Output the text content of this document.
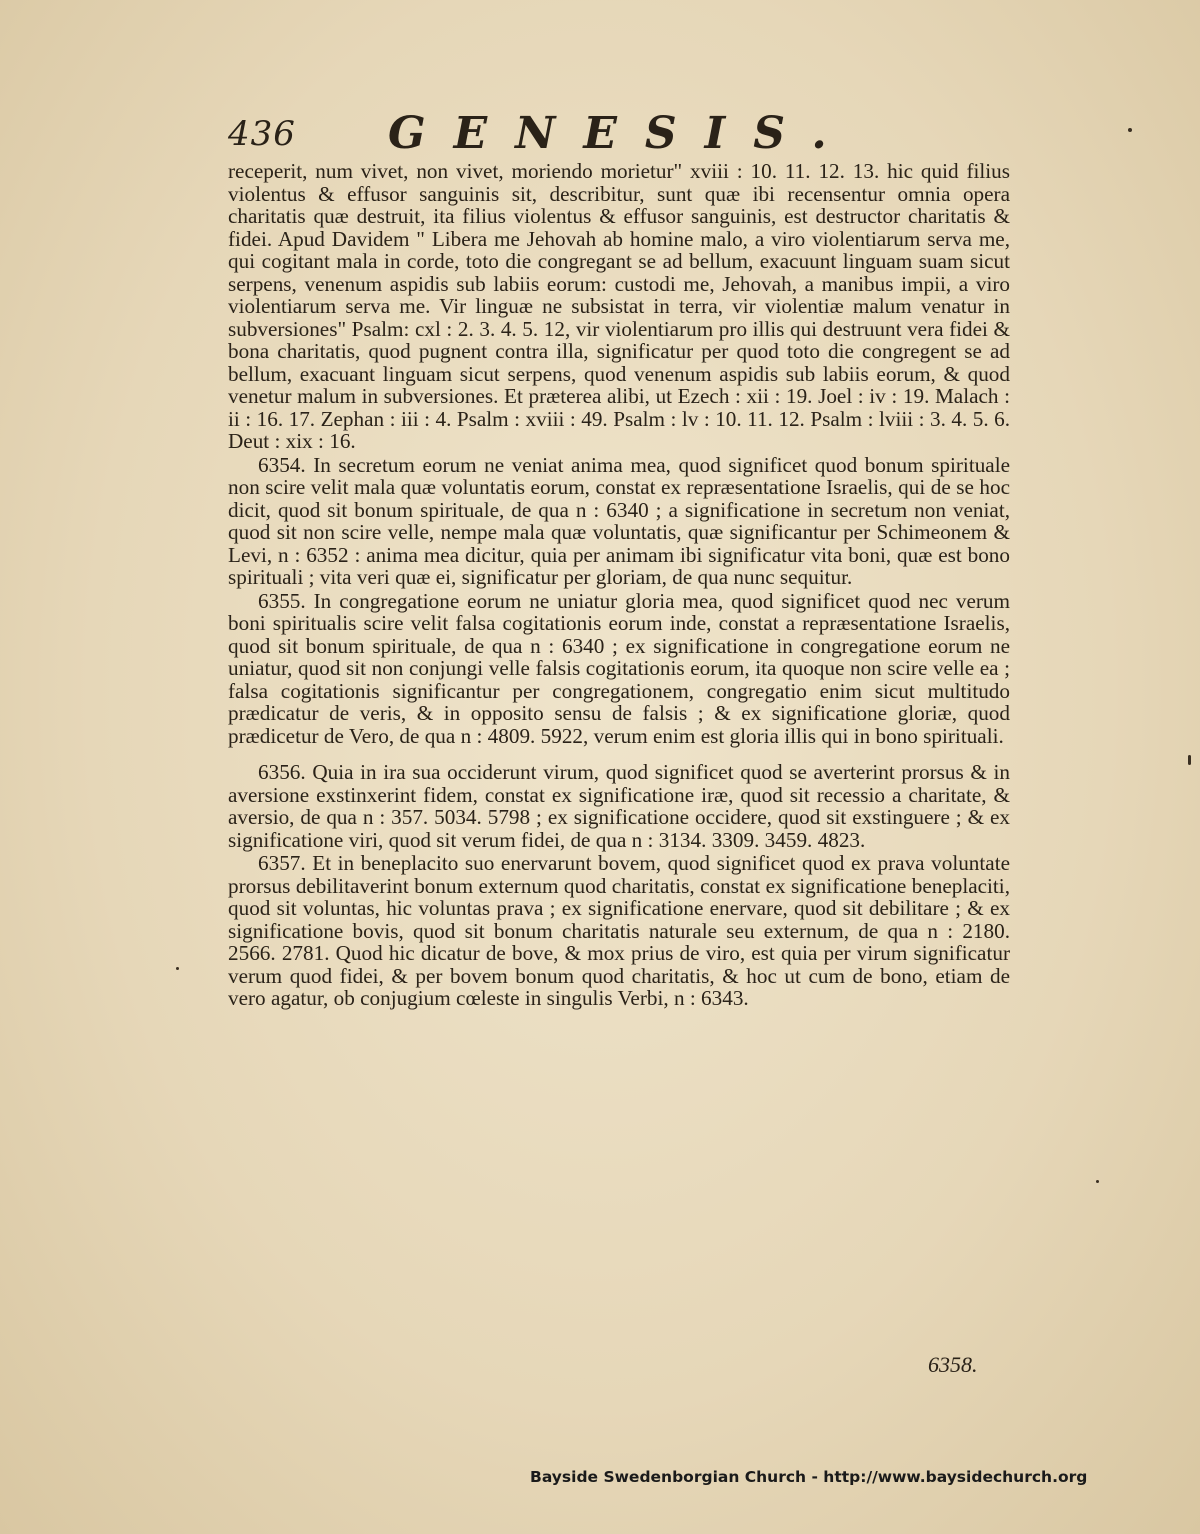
436 GENESIS.

receperit, num vivet, non vivet, moriendo morietur" xviii : 10. 11. 12. 13. hic quid filius violentus & effusor sanguinis sit, describitur, sunt quæ ibi recensentur omnia opera charitatis quæ destruit, ita filius violentus & effusor sanguinis, est destructor charitatis & fidei. Apud Davidem " Libera me Jehovah ab homine malo, a viro violentiarum serva me, qui cogitant mala in corde, toto die congregant se ad bellum, exacuunt linguam suam sicut serpens, venenum aspidis sub labiis eorum: custodi me, Jehovah, a manibus impii, a viro violentiarum serva me. Vir linguæ ne subsistat in terra, vir violentiæ malum venatur in subversiones" Psalm: cxl : 2. 3. 4. 5. 12, vir violentiarum pro illis qui destruunt vera fidei & bona charitatis, quod pugnent contra illa, significatur per quod toto die congregent se ad bellum, exacuant linguam sicut serpens, quod venenum aspidis sub labiis eorum, & quod venetur malum in subversiones. Et præterea alibi, ut Ezech : xii : 19. Joel : iv : 19. Malach : ii : 16. 17. Zephan : iii : 4. Psalm : xviii : 49. Psalm : lv : 10. 11. 12. Psalm : lviii : 3. 4. 5. 6. Deut : xix : 16.

6354. In secretum eorum ne veniat anima mea, quod significet quod bonum spirituale non scire velit mala quæ voluntatis eorum, constat ex repræsentatione Israelis, qui de se hoc dicit, quod sit bonum spirituale, de qua n : 6340 ; a significatione in secretum non veniat, quod sit non scire velle, nempe mala quæ voluntatis, quæ significantur per Schimeonem & Levi, n : 6352 : anima mea dicitur, quia per animam ibi significatur vita boni, quæ est bono spirituali ; vita veri quæ ei, significatur per gloriam, de qua nunc sequitur.

6355. In congregatione eorum ne uniatur gloria mea, quod significet quod nec verum boni spiritualis scire velit falsa cogitationis eorum inde, constat a repræsentatione Israelis, quod sit bonum spirituale, de qua n : 6340 ; ex significatione in congregatione eorum ne uniatur, quod sit non conjungi velle falsis cogitationis eorum, ita quoque non scire velle ea ; falsa cogitationis significantur per congregationem, congregatio enim sicut multitudo prædicatur de veris, & in opposito sensu de falsis ; & ex significatione gloriæ, quod prædicetur de Vero, de qua n : 4809. 5922, verum enim est gloria illis qui in bono spirituali.

6356. Quia in ira sua occiderunt virum, quod significet quod se averterint prorsus & in aversione exstinxerint fidem, constat ex significatione iræ, quod sit recessio a charitate, & aversio, de qua n : 357. 5034. 5798 ; ex significatione occidere, quod sit exstinguere ; & ex significatione viri, quod sit verum fidei, de qua n : 3134. 3309. 3459. 4823.

6357. Et in beneplacito suo enervarunt bovem, quod significet quod ex prava voluntate prorsus debilitaverint bonum externum quod charitatis, constat ex significatione beneplaciti, quod sit voluntas, hic voluntas prava ; ex significatione enervare, quod sit debilitare ; & ex significatione bovis, quod sit bonum charitatis naturale seu externum, de qua n : 2180. 2566. 2781. Quod hic dicatur de bove, & mox prius de viro, est quia per virum significatur verum quod fidei, & per bovem bonum quod charitatis, & hoc ut cum de bono, etiam de vero agatur, ob conjugium cœleste in singulis Verbi, n : 6343.

6358.
Bayside Swedenborgian Church - http://www.baysidechurch.org
